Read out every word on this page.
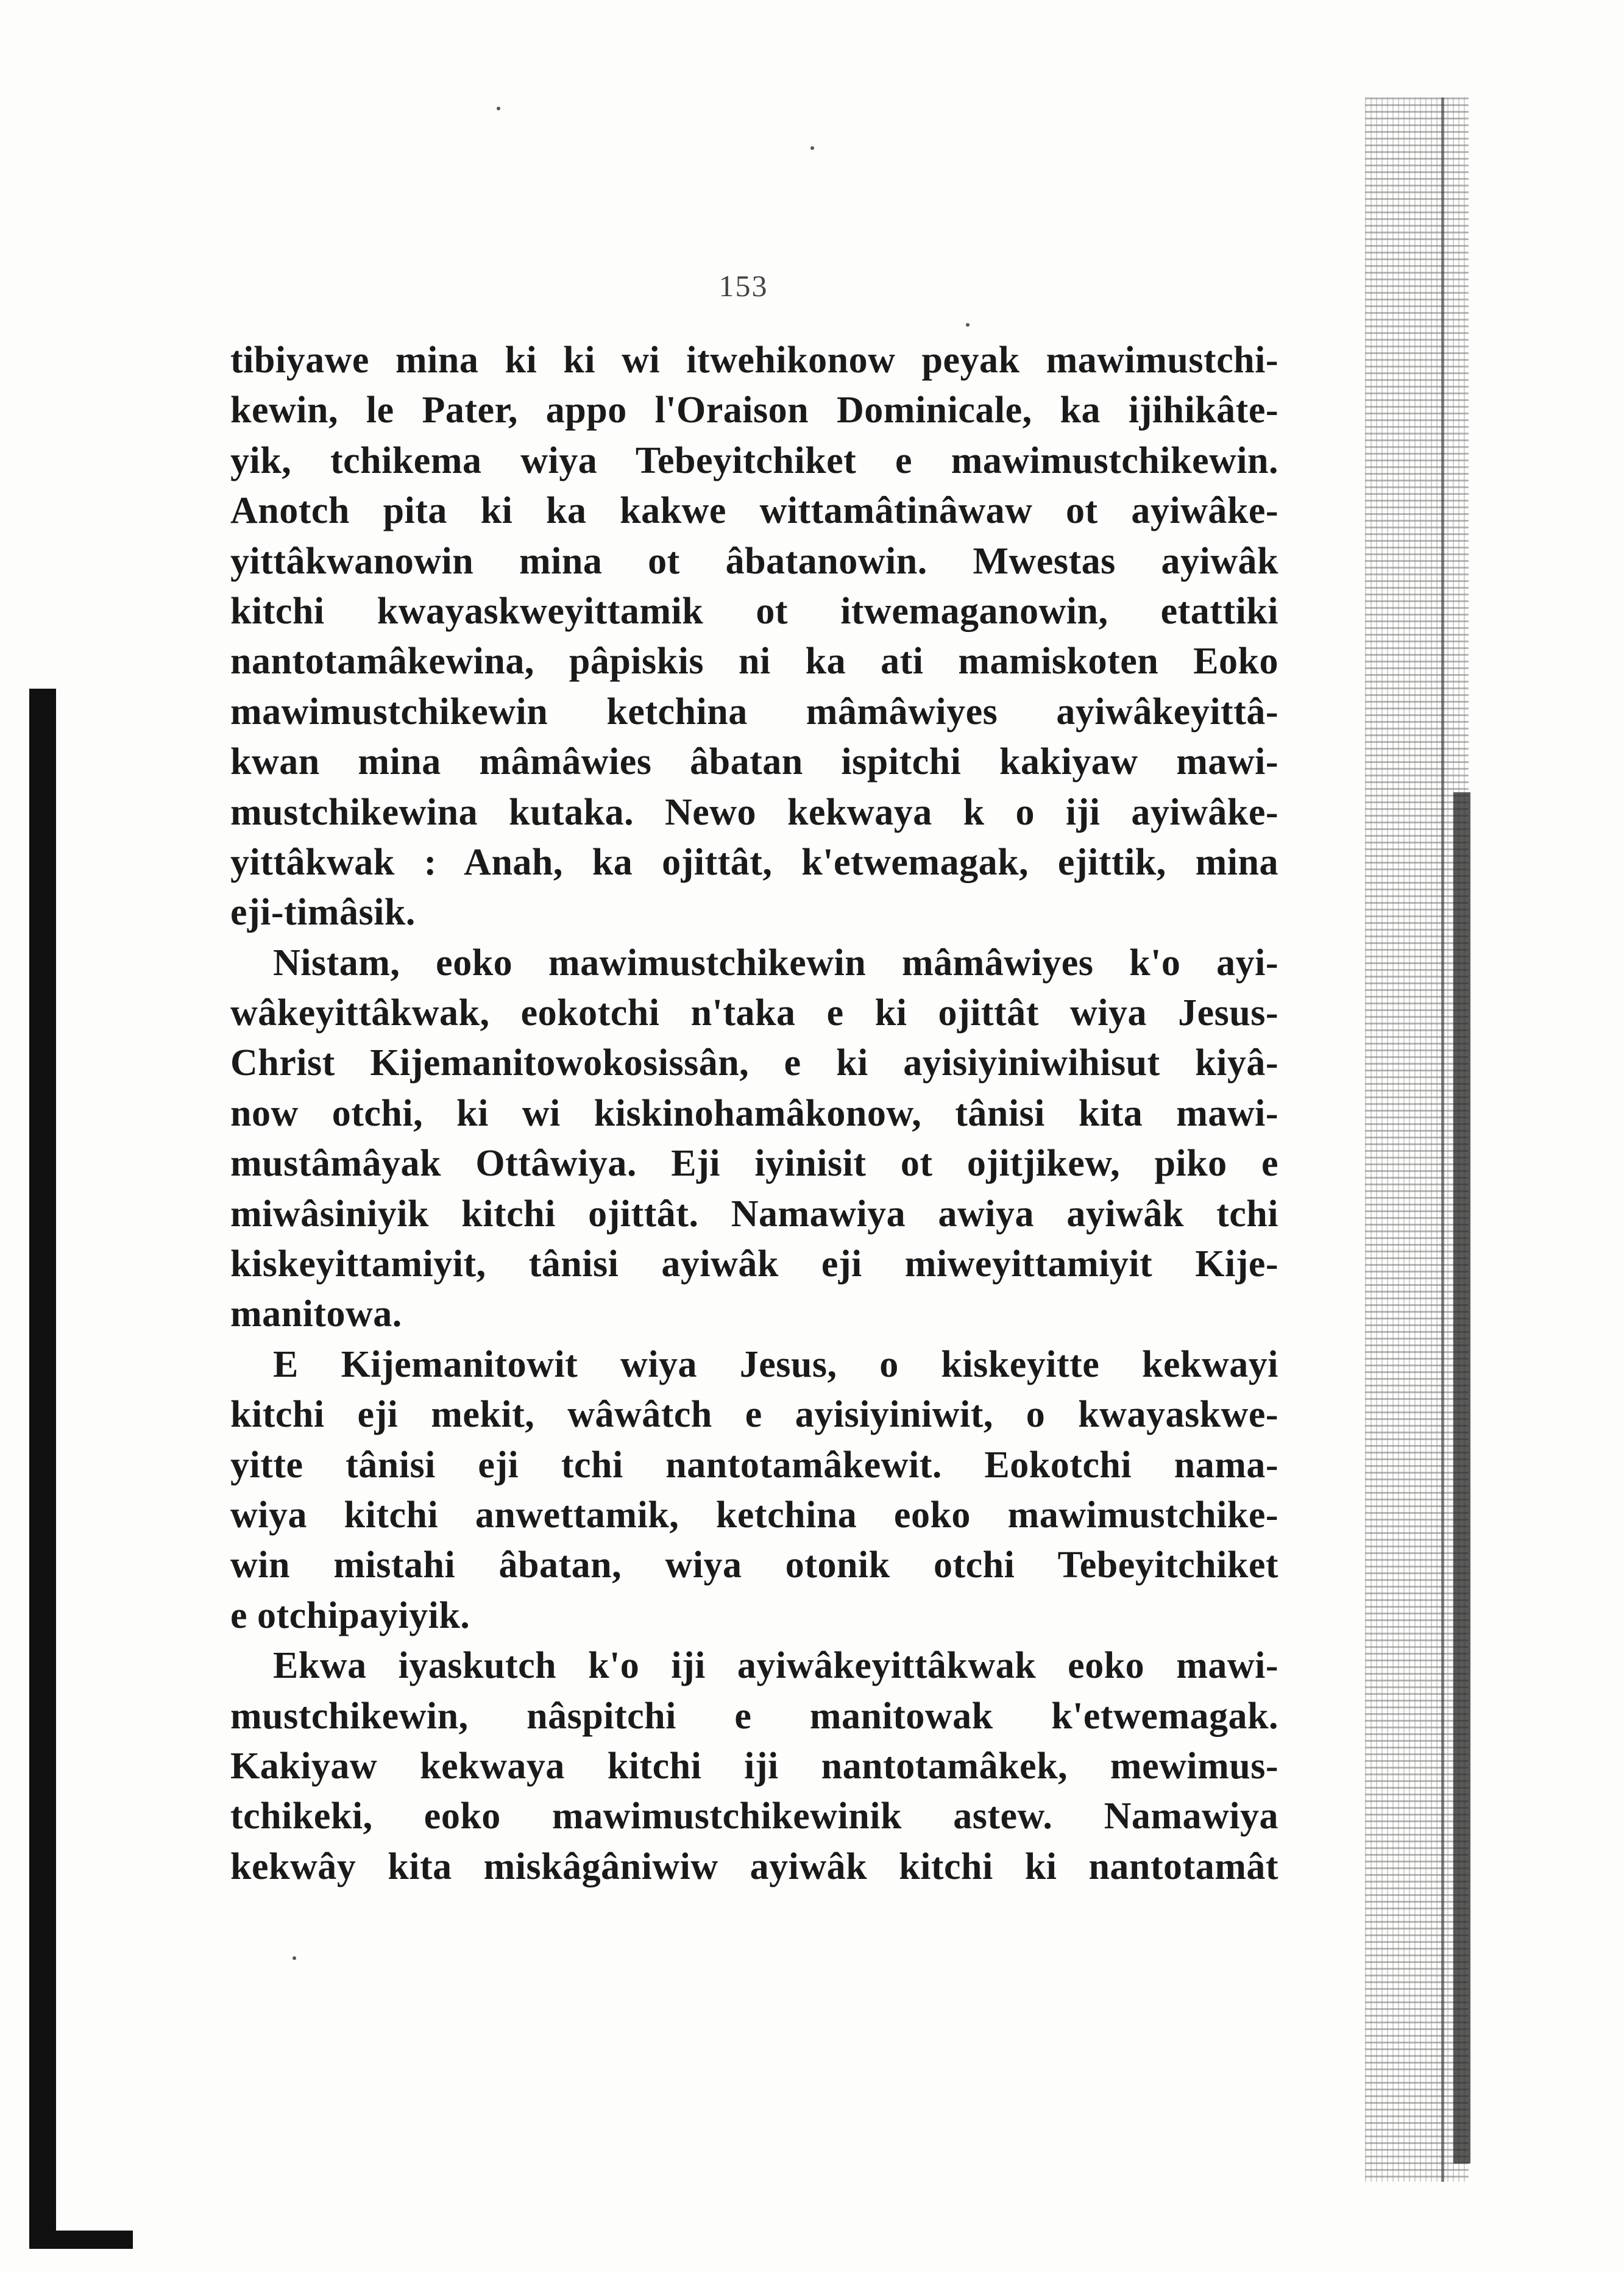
153
tibiyawe mina ki ki wi itwehikonow peyak mawimustchi-
kewin, le Pater, appo l'Oraison Dominicale, ka ijihikâte-
yik, tchikema wiya Tebeyitchiket e mawimustchikewin.
Anotch pita ki ka kakwe wittamâtinâwaw ot ayiwâke-
yittâkwanowin mina ot âbatanowin. Mwestas ayiwâk
kitchi kwayaskweyittamik ot itwemaganowin, etattiki
nantotamâkewina, pâpiskis ni ka ati mamiskoten Eoko
mawimustchikewin ketchina mâmâwiyes ayiwâkeyittâ-
kwan mina mâmâwies âbatan ispitchi kakiyaw mawi-
mustchikewina kutaka. Newo kekwaya k o iji ayiwâke-
yittâkwak : Anah, ka ojittât, k'etwemagak, ejittik, mina
eji-timâsik.
Nistam, eoko mawimustchikewin mâmâwiyes k'o ayi-
wâkeyittâkwak, eokotchi n'taka e ki ojittât wiya Jesus-
Christ Kijemanitowokosissân, e ki ayisiyiniwihisut kiyâ-
now otchi, ki wi kiskinohamâkonow, tânisi kita mawi-
mustâmâyak Ottâwiya. Eji iyinisit ot ojitjikew, piko e
miwâsiniyik kitchi ojittât. Namawiya awiya ayiwâk tchi
kiskeyittamiyit, tânisi ayiwâk eji miweyittamiyit Kije-
manitowa.
E Kijemanitowit wiya Jesus, o kiskeyitte kekwayi
kitchi eji mekit, wâwâtch e ayisiyiniwit, o kwayaskwe-
yitte tânisi eji tchi nantotamâkewit. Eokotchi nama-
wiya kitchi anwettamik, ketchina eoko mawimustchike-
win mistahi âbatan, wiya otonik otchi Tebeyitchiket
e otchipayiyik.
Ekwa iyaskutch k'o iji ayiwâkeyittâkwak eoko mawi-
mustchikewin, nâspitchi e manitowak k'etwemagak.
Kakiyaw kekwaya kitchi iji nantotamâkek, mewimus-
tchikeki, eoko mawimustchikewinik astew. Namawiya
kekwây kita miskâgâniwiw ayiwâk kitchi ki nantotamât
